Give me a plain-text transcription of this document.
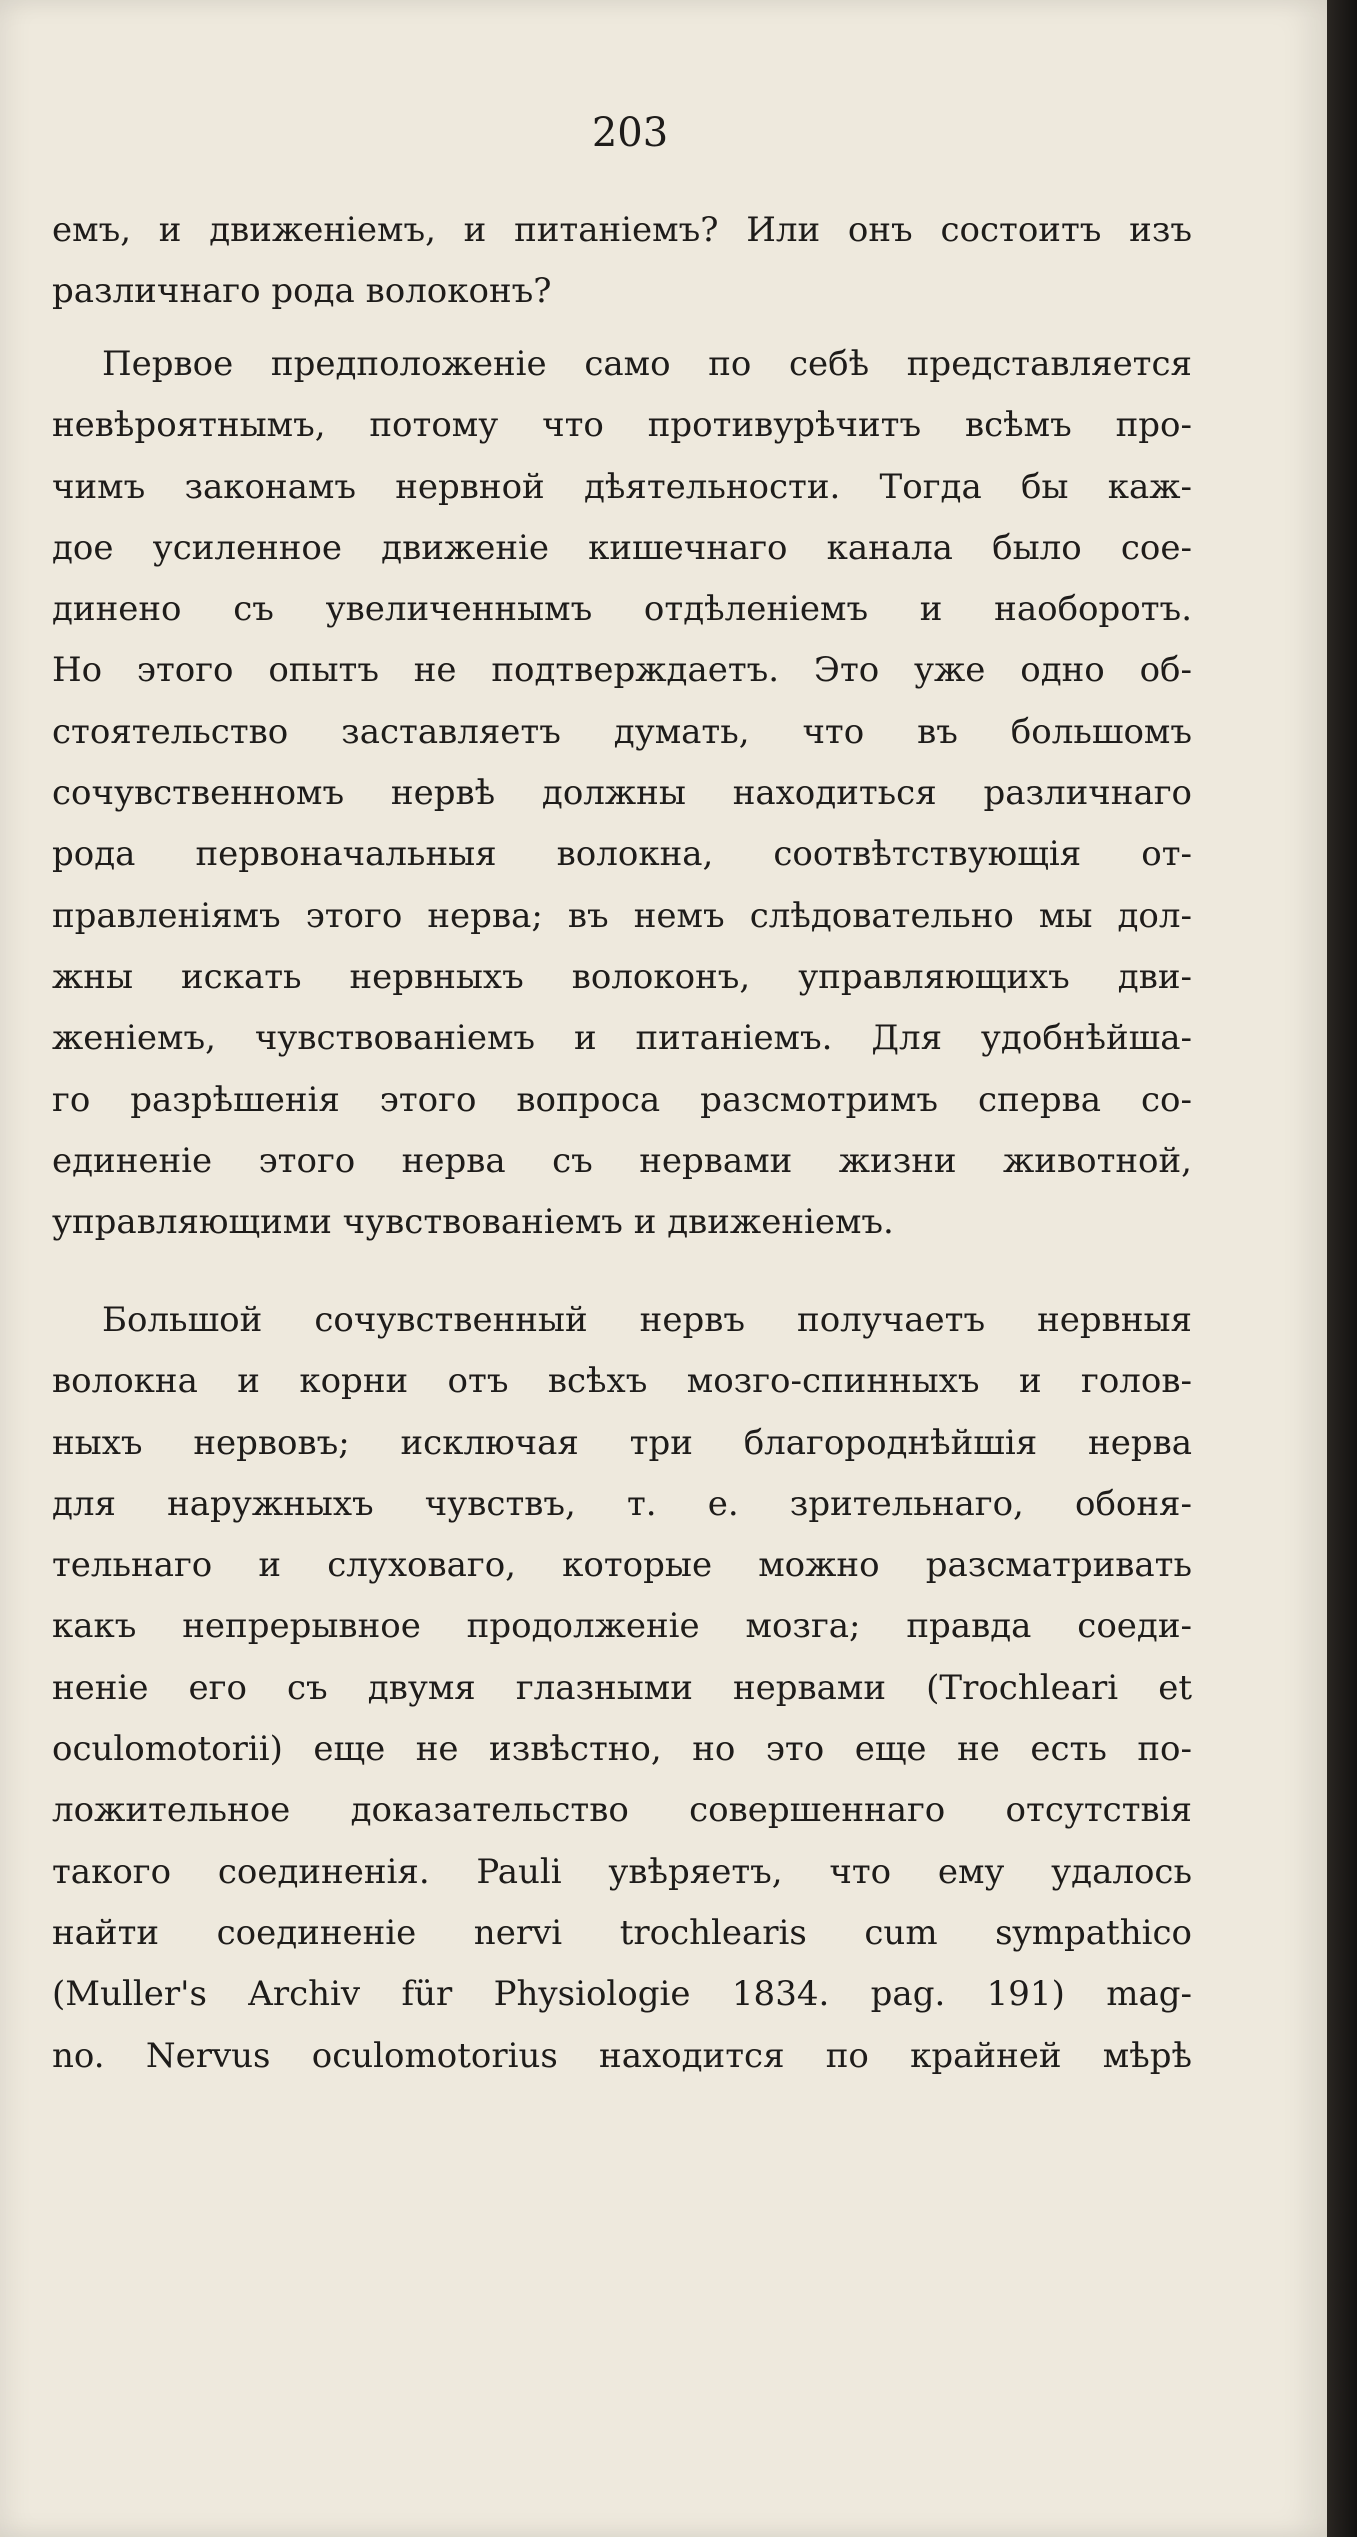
203
емъ, и движенiемъ, и питанiемъ? Или онъ состоитъ изъ
различнаго рода волоконъ?
Первое предположенiе само по себѣ представляется
невѣроятнымъ, потому что противурѣчитъ всѣмъ про-
чимъ законамъ нервной дѣятельности. Тогда бы каж-
дое усиленное движенiе кишечнаго канала было сое-
динено съ увеличеннымъ отдѣленiемъ и наоборотъ.
Но этого опытъ не подтверждаетъ. Это уже одно об-
стоятельство заставляетъ думать, что въ большомъ
сочувственномъ нервѣ должны находиться различнаго
рода первоначальныя волокна, соотвѣтствующiя от-
правленiямъ этого нерва; въ немъ слѣдовательно мы дол-
жны искать нервныхъ волоконъ, управляющихъ дви-
женiемъ, чувствованiемъ и питанiемъ. Для удобнѣйша-
го разрѣшенiя этого вопроса разсмотримъ сперва со-
единенiе этого нерва съ нервами жизни животной,
управляющими чувствованiемъ и движенiемъ.
Большой сочувственный нервъ получаетъ нервныя
волокна и корни отъ всѣхъ мозго-спинныхъ и голов-
ныхъ нервовъ; исключая три благороднѣйшiя нерва
для наружныхъ чувствъ, т. е. зрительнаго, обоня-
тельнаго и слуховаго, которые можно разсматривать
какъ непрерывное продолженiе мозга; правда соеди-
ненiе его съ двумя глазными нервами (Trochleari et
oculomotorii) еще не извѣстно, но это еще не есть по-
ложительное доказательство совершеннаго отсутствiя
такого соединенiя. Pauli увѣряетъ, что ему удалось
найти соединенiе nervi trochlearis cum sympathico
(Muller's Archiv für Physiologie 1834. pag. 191) mag-
no. Nervus oculomotorius находится по крайней мѣрѣ
